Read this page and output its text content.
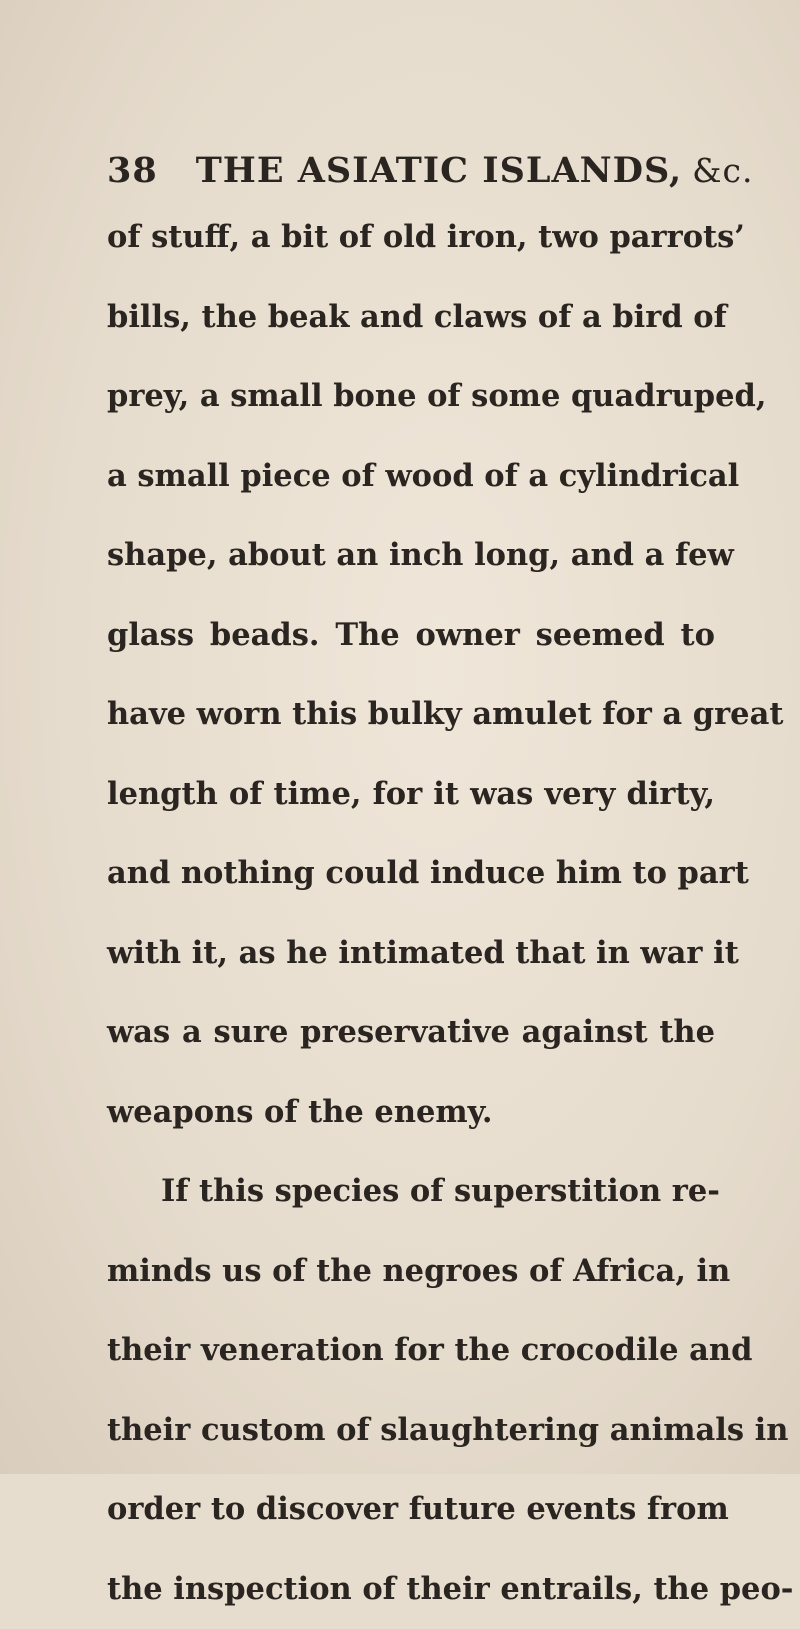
38 THE ASIATIC ISLANDS, &c.
of stuff, a bit of old iron, two parrots’
bills, the beak and claws of a bird of
prey, a small bone of some quadruped,
a small piece of wood of a cylindrical
shape, about an inch long, and a few
glass beads. The owner seemed to
have worn this bulky amulet for a great
length of time, for it was very dirty,
and nothing could induce him to part
with it, as he intimated that in war it
was a sure preservative against the
weapons of the enemy.
If this species of superstition re-
minds us of the negroes of Africa, in
their veneration for the crocodile and
their custom of slaughtering animals in
order to discover future events from
the inspection of their entrails, the peo-
